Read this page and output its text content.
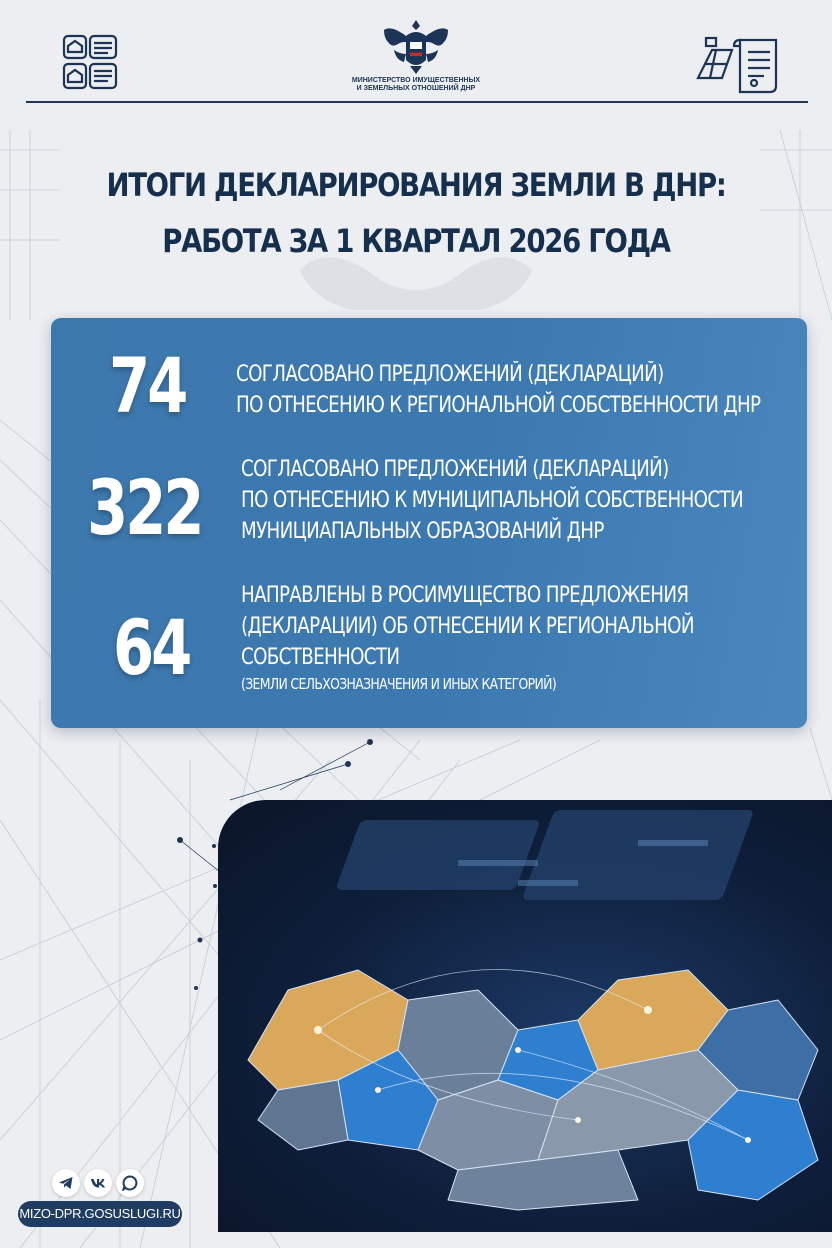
МИНИСТЕРСТВО ИМУЩЕСТВЕННЫХ
И ЗЕМЕЛЬНЫХ ОТНОШЕНИЙ ДНР
ИТОГИ ДЕКЛАРИРОВАНИЯ ЗЕМЛИ В ДНР:
РАБОТА ЗА 1 КВАРТАЛ 2026 ГОДА
74 СОГЛАСОВАНО ПРЕДЛОЖЕНИЙ (ДЕКЛАРАЦИЙ)
ПО ОТНЕСЕНИЮ К РЕГИОНАЛЬНОЙ СОБСТВЕННОСТИ ДНР
322 СОГЛАСОВАНО ПРЕДЛОЖЕНИЙ (ДЕКЛАРАЦИЙ)
ПО ОТНЕСЕНИЮ К МУНИЦИПАЛЬНОЙ СОБСТВЕННОСТИ
МУНИЦИАПАЛЬНЫХ ОБРАЗОВАНИЙ ДНР
64
НАПРАВЛЕНЫ В РОСИМУЩЕСТВО ПРЕДЛОЖЕНИЯ
(ДЕКЛАРАЦИИ) ОБ ОТНЕСЕНИИ К РЕГИОНАЛЬНОЙ
СОБСТВЕННОСТИ
(ЗЕМЛИ СЕЛЬХОЗНАЗНАЧЕНИЯ И ИНЫХ КАТЕГОРИЙ)
MIZO-DPR.GOSUSLUGI.RU
